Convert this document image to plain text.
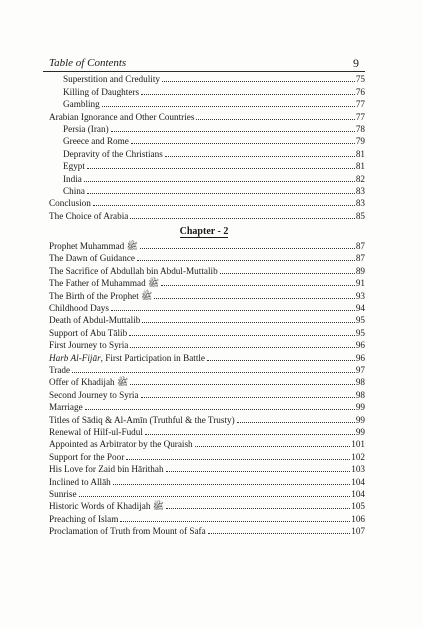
Table of Contents	9
Superstition and Credulity	75
Killing of Daughters	76
Gambling	77
Arabian Ignorance and Other Countries	77
Persia (Iran)	78
Greece and Rome	79
Depravity of the Christians	81
Egypt	81
India	82
China	83
Conclusion	83
The Choice of Arabia	85
Chapter - 2
Prophet Muhammad ﷺ	87
The Dawn of Guidance	87
The Sacrifice of Abdullah bin Abdul-Muttalib	89
The Father of Muhammad ﷺ	91
The Birth of the Prophet ﷺ	93
Childhood Days	94
Death of Abdul-Muttalib	95
Support of Abu Tālib	95
First Journey to Syria	96
Harb Al-Fijār, First Participation in Battle	96
Trade	97
Offer of Khadijah ﷺ	98
Second Journey to Syria	98
Marriage	99
Titles of Sādiq & Al-Amīn (Truthful & the Trusty)	99
Renewal of Hilf-ul-Fudul	99
Appointed as Arbitrator by the Quraish	101
Support for the Poor	102
His Love for Zaid bin Hārithah	103
Inclined to Allāh	104
Sunrise	104
Historic Words of Khadijah ﷺ	105
Preaching of Islam	106
Proclamation of Truth from Mount of Safa	107
